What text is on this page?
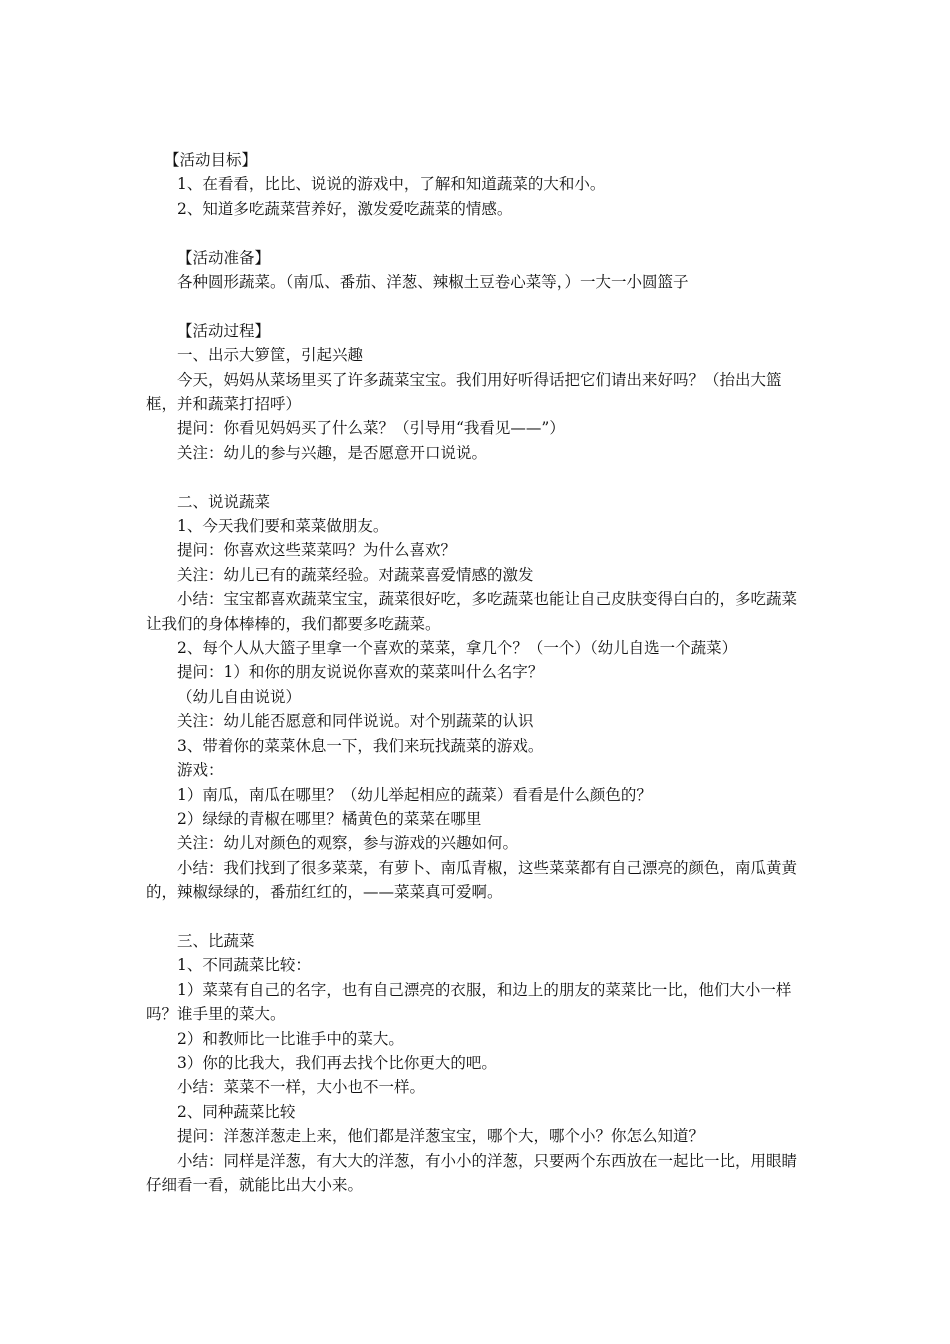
【活动目标】

1、在看看，比比、说说的游戏中，了解和知道蔬菜的大和小。

2、知道多吃蔬菜营养好，激发爱吃蔬菜的情感。

【活动准备】

各种圆形蔬菜。（南瓜、番茄、洋葱、辣椒土豆卷心菜等，）一大一小圆篮子

【活动过程】

一、出示大箩筐，引起兴趣

今天，妈妈从菜场里买了许多蔬菜宝宝。我们用好听得话把它们请出来好吗？（抬出大篮框，并和蔬菜打招呼）

提问：你看见妈妈买了什么菜？（引导用“我看见——”）

关注：幼儿的参与兴趣，是否愿意开口说说。

二、说说蔬菜

1、今天我们要和菜菜做朋友。

提问：你喜欢这些菜菜吗？为什么喜欢？

关注：幼儿已有的蔬菜经验。对蔬菜喜爱情感的激发

小结：宝宝都喜欢蔬菜宝宝，蔬菜很好吃，多吃蔬菜也能让自己皮肤变得白白的，多吃蔬菜让我们的身体棒棒的，我们都要多吃蔬菜。

2、每个人从大篮子里拿一个喜欢的菜菜，拿几个？（一个）（幼儿自选一个蔬菜）

提问：1）和你的朋友说说你喜欢的菜菜叫什么名字？

（幼儿自由说说）

关注：幼儿能否愿意和同伴说说。对个别蔬菜的认识

3、带着你的菜菜休息一下，我们来玩找蔬菜的游戏。

游戏：

1）南瓜，南瓜在哪里？（幼儿举起相应的蔬菜）看看是什么颜色的？

2）绿绿的青椒在哪里？橘黄色的菜菜在哪里

关注：幼儿对颜色的观察，参与游戏的兴趣如何。

小结：我们找到了很多菜菜，有萝卜、南瓜青椒，这些菜菜都有自己漂亮的颜色，南瓜黄黄的，辣椒绿绿的，番茄红红的，——菜菜真可爱啊。

三、比蔬菜

1、不同蔬菜比较：

1）菜菜有自己的名字，也有自己漂亮的衣服，和边上的朋友的菜菜比一比，他们大小一样吗？谁手里的菜大。

2）和教师比一比谁手中的菜大。

3）你的比我大，我们再去找个比你更大的吧。

小结：菜菜不一样，大小也不一样。

2、同种蔬菜比较

提问：洋葱洋葱走上来，他们都是洋葱宝宝，哪个大，哪个小？你怎么知道？

小结：同样是洋葱，有大大的洋葱，有小小的洋葱，只要两个东西放在一起比一比，用眼睛仔细看一看，就能比出大小来。
